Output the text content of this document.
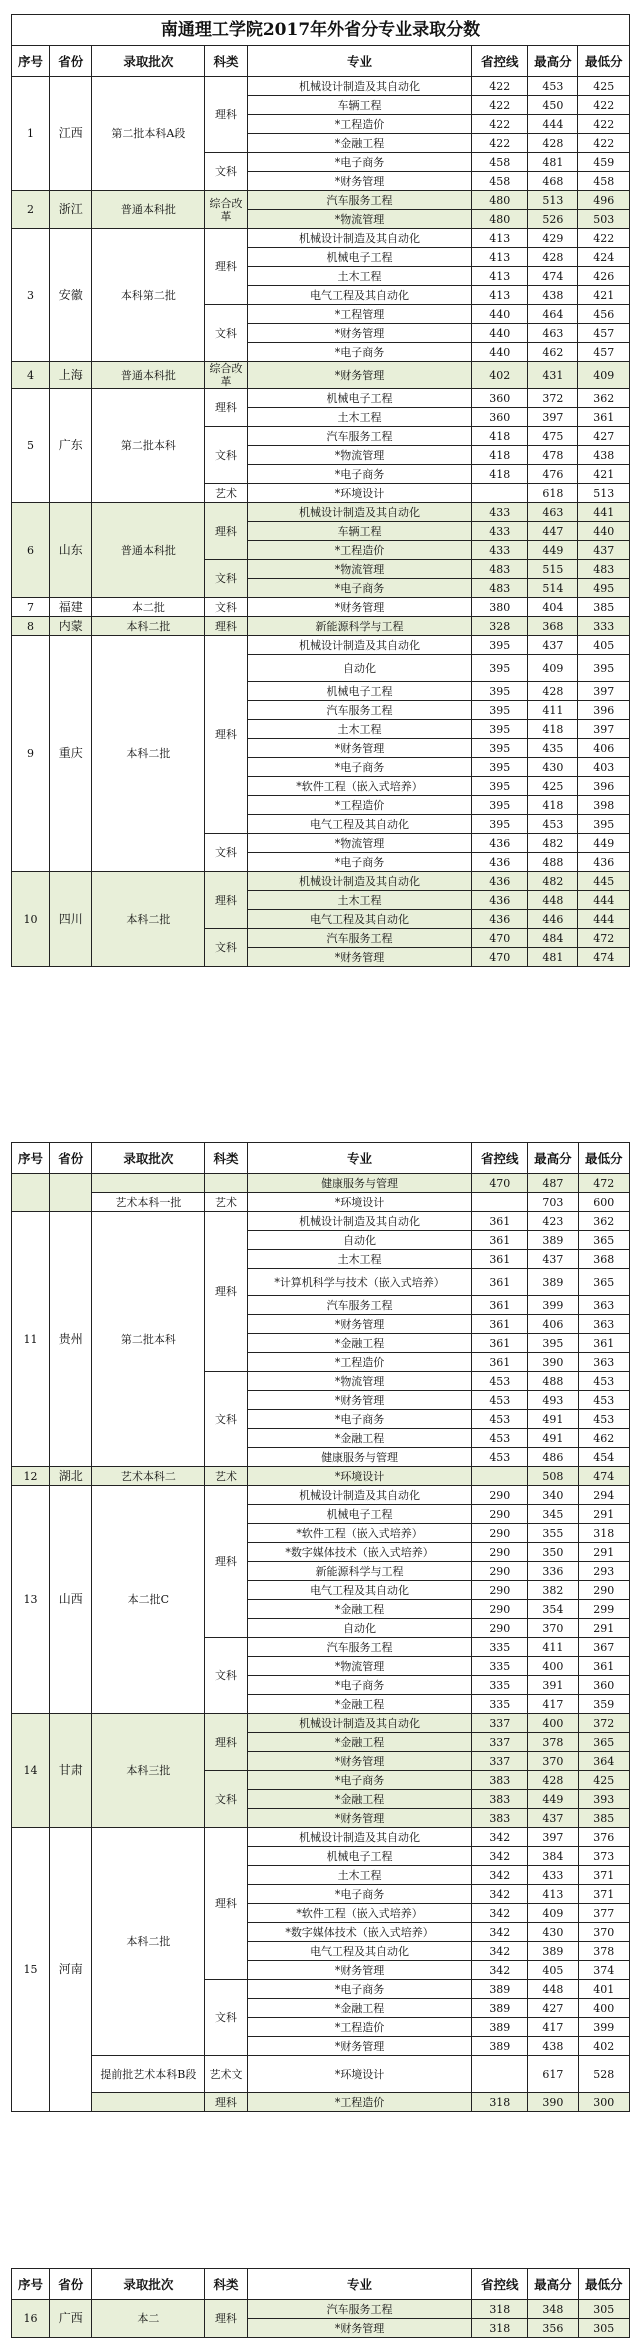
南通理工学院2017年外省分专业录取分数							
序号	省份	录取批次	科类	专业	省控线	最高分	最低分
1	江西	第二批本科A段	理科	机械设计制造及其自动化	422	453	425
				车辆工程	422	450	422
				*工程造价	422	444	422
				*金融工程	422	428	422
			文科	*电子商务	458	481	459
				*财务管理	458	468	458
2	浙江	普通本科批	综合改革	汽车服务工程	480	513	496
				*物流管理	480	526	503
3	安徽	本科第二批	理科	机械设计制造及其自动化	413	429	422
				机械电子工程	413	428	424
				土木工程	413	474	426
				电气工程及其自动化	413	438	421
			文科	*工程管理	440	464	456
				*财务管理	440	463	457
				*电子商务	440	462	457
4	上海	普通本科批	综合改革	*财务管理	402	431	409
5	广东	第二批本科	理科	机械电子工程	360	372	362
				土木工程	360	397	361
			文科	汽车服务工程	418	475	427
				*物流管理	418	478	438
				*电子商务	418	476	421
			艺术	*环境设计		618	513
6	山东	普通本科批	理科	机械设计制造及其自动化	433	463	441
				车辆工程	433	447	440
				*工程造价	433	449	437
			文科	*物流管理	483	515	483
				*电子商务	483	514	495
7	福建	本二批	文科	*财务管理	380	404	385
8	内蒙	本科二批	理科	新能源科学与工程	328	368	333
9	重庆	本科二批	理科	机械设计制造及其自动化	395	437	405
				自动化	395	409	395
				机械电子工程	395	428	397
				汽车服务工程	395	411	396
				土木工程	395	418	397
				*财务管理	395	435	406
				*电子商务	395	430	403
				*软件工程（嵌入式培养）	395	425	396
				*工程造价	395	418	398
				电气工程及其自动化	395	453	395
			文科	*物流管理	436	482	449
				*电子商务	436	488	436
10	四川	本科二批	理科	机械设计制造及其自动化	436	482	445
				土木工程	436	448	444
				电气工程及其自动化	436	446	444
			文科	汽车服务工程	470	484	472
				*财务管理	470	481	474
序号	省份	录取批次	科类	专业	省控线	最高分	最低分
				健康服务与管理	470	487	472
		艺术本科一批	艺术	*环境设计		703	600
11	贵州	第二批本科	理科	机械设计制造及其自动化	361	423	362
				自动化	361	389	365
				土木工程	361	437	368
				*计算机科学与技术（嵌入式培养）	361	389	365
				汽车服务工程	361	399	363
				*财务管理	361	406	363
				*金融工程	361	395	361
				*工程造价	361	390	363
			文科	*物流管理	453	488	453
				*财务管理	453	493	453
				*电子商务	453	491	453
				*金融工程	453	491	462
				健康服务与管理	453	486	454
12	湖北	艺术本科二	艺术	*环境设计		508	474
13	山西	本二批C	理科	机械设计制造及其自动化	290	340	294
				机械电子工程	290	345	291
				*软件工程（嵌入式培养）	290	355	318
				*数字媒体技术（嵌入式培养）	290	350	291
				新能源科学与工程	290	336	293
				电气工程及其自动化	290	382	290
				*金融工程	290	354	299
				自动化	290	370	291
			文科	汽车服务工程	335	411	367
				*物流管理	335	400	361
				*电子商务	335	391	360
				*金融工程	335	417	359
14	甘肃	本科三批	理科	机械设计制造及其自动化	337	400	372
				*金融工程	337	378	365
				*财务管理	337	370	364
			文科	*电子商务	383	428	425
				*金融工程	383	449	393
				*财务管理	383	437	385
15	河南	本科二批	理科	机械设计制造及其自动化	342	397	376
				机械电子工程	342	384	373
				土木工程	342	433	371
				*电子商务	342	413	371
				*软件工程（嵌入式培养）	342	409	377
				*数字媒体技术（嵌入式培养）	342	430	370
				电气工程及其自动化	342	389	378
				*财务管理	342	405	374
			文科	*电子商务	389	448	401
				*金融工程	389	427	400
				*工程造价	389	417	399
				*财务管理	389	438	402
		提前批艺术本科B段	艺术文	*环境设计		617	528
			理科	*工程造价	318	390	300
序号	省份	录取批次	科类	专业	省控线	最高分	最低分
16	广西	本二	理科	汽车服务工程	318	348	305
				*财务管理	318	356	305
